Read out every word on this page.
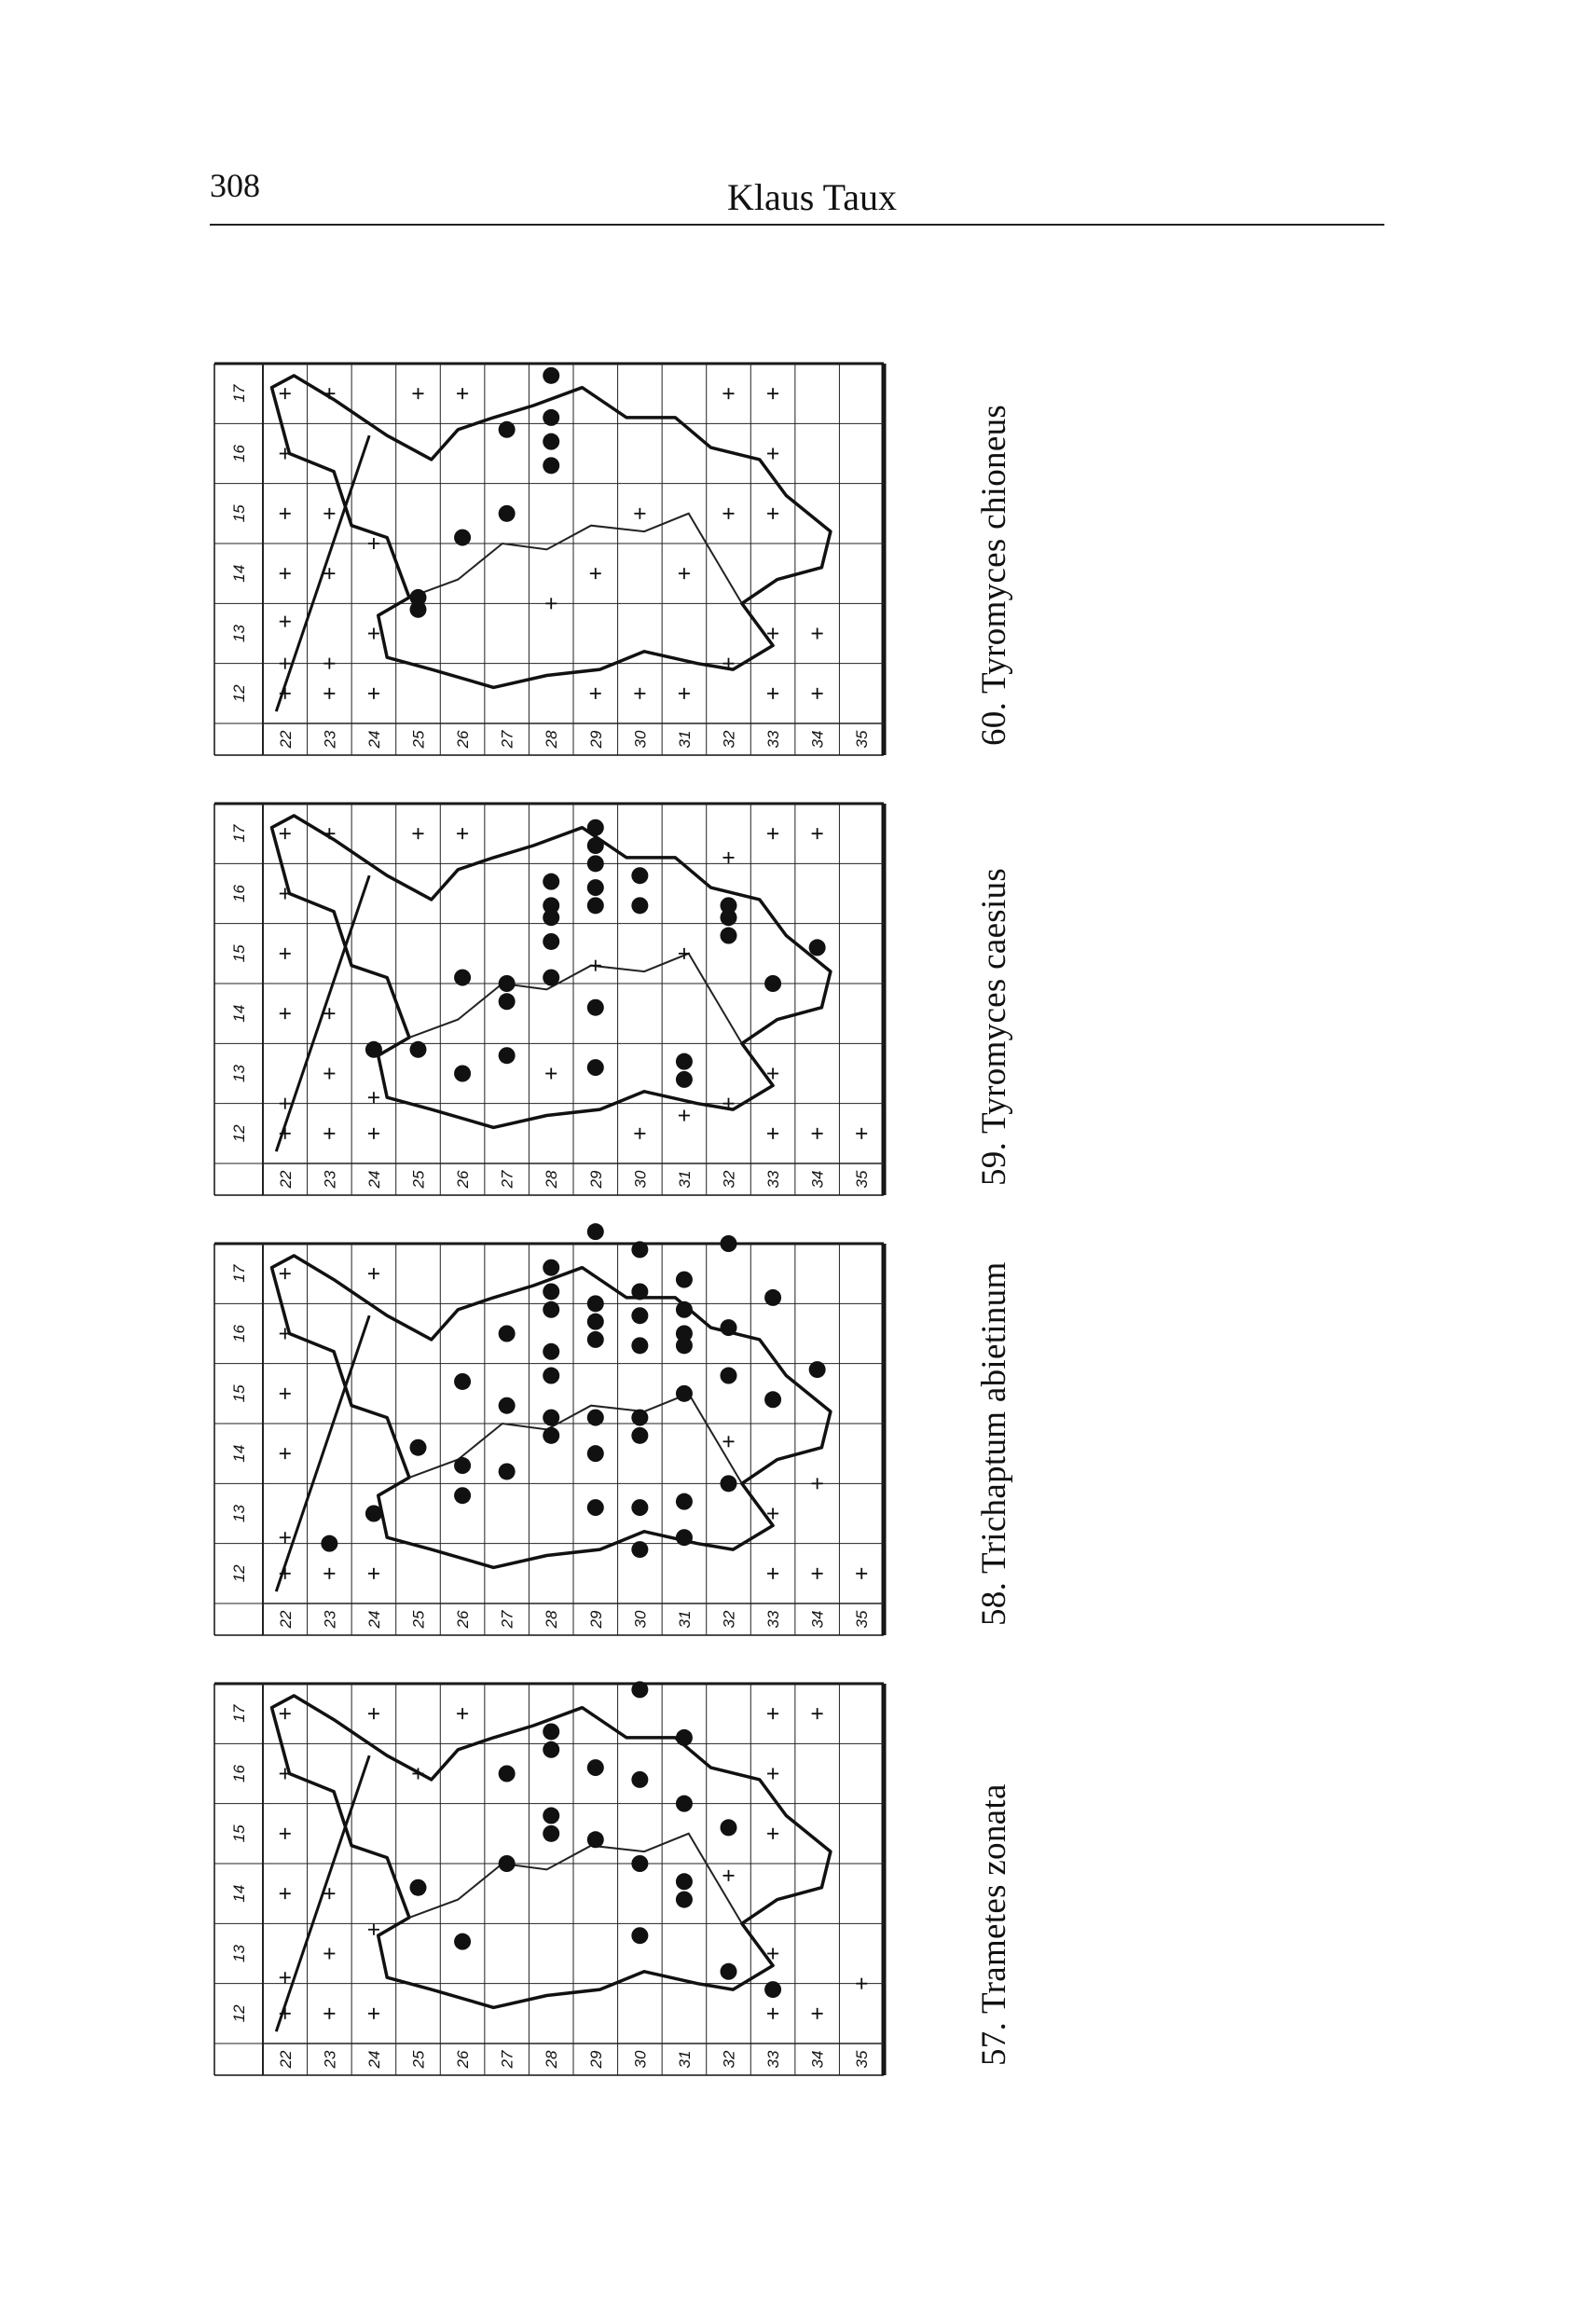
308	Klaus Taux
12
13
14
15
16
17
22 23 24 25 26 27 28 29 30 31 32 33 34 35
12
13
14
15
16
17
22 23 24 25 26 27 28 29 30 31 32 33 34 35
12
13
14
15
16
17
22 23 24 25 26 27 28 29 30 31 32 33 34 35
12
13
14
15
16
17
22 23 24 25 26 27 28 29 30 31 32 33 34 35
60. Tyromyces chioneus
59. Tyromyces caesius
58. Trichaptum abietinum
57. Trametes zonata
